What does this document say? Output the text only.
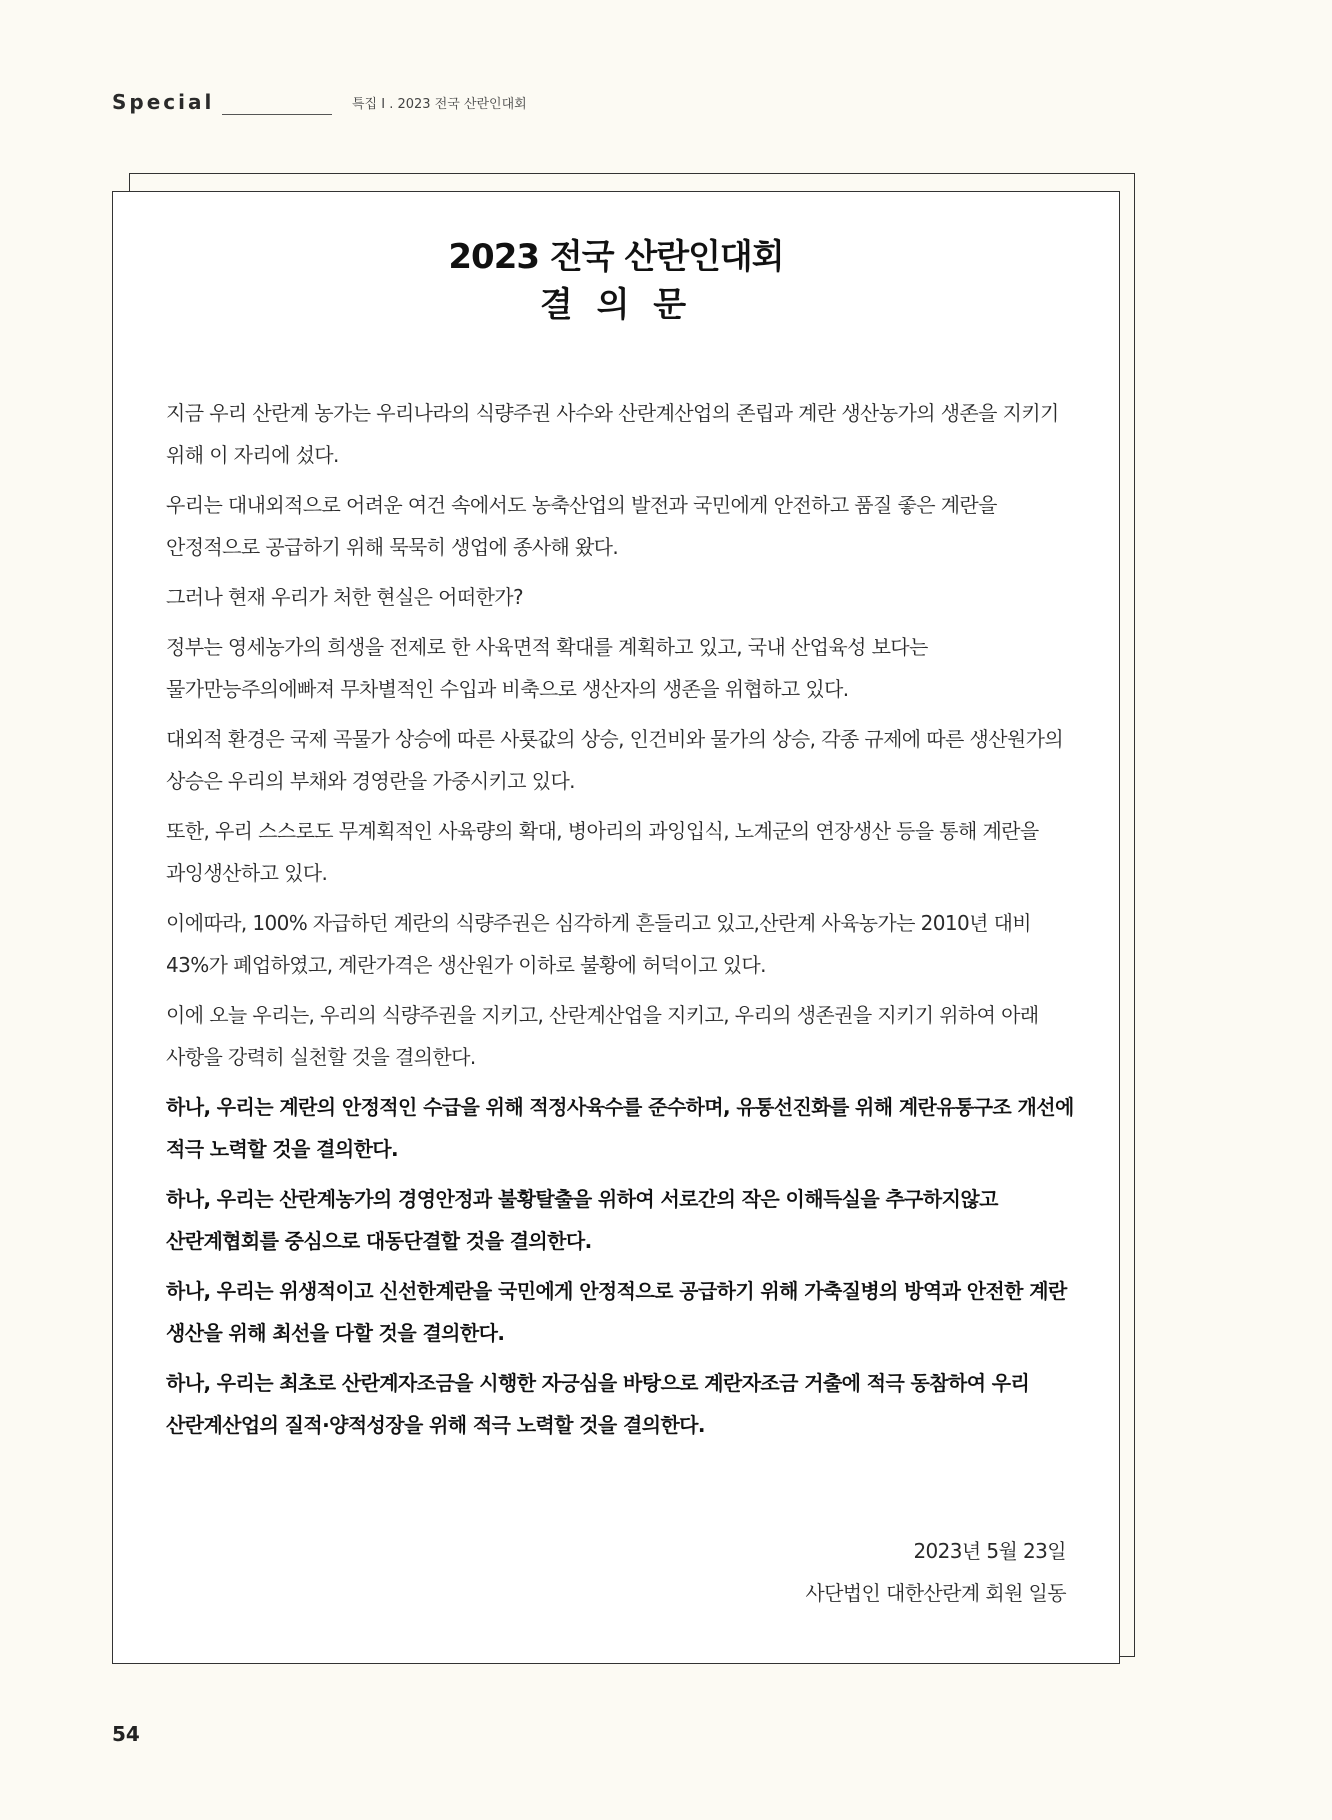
Special	특집 I . 2023 전국 산란인대회
2023 전국 산란인대회
결 의 문

지금 우리 산란계 농가는 우리나라의 식량주권 사수와 산란계산업의 존립과 계란 생산농가의 생존을 지키기 위해 이 자리에 섰다.

우리는 대내외적으로 어려운 여건 속에서도 농축산업의 발전과 국민에게 안전하고 품질 좋은 계란을 안정적으로 공급하기 위해 묵묵히 생업에 종사해 왔다.

그러나 현재 우리가 처한 현실은 어떠한가?

정부는 영세농가의 희생을 전제로 한 사육면적 확대를 계획하고 있고, 국내 산업육성 보다는 물가만능주의에빠져 무차별적인 수입과 비축으로 생산자의 생존을 위협하고 있다.

대외적 환경은 국제 곡물가 상승에 따른 사룟값의 상승, 인건비와 물가의 상승, 각종 규제에 따른 생산원가의 상승은 우리의 부채와 경영란을 가중시키고 있다.

또한, 우리 스스로도 무계획적인 사육량의 확대, 병아리의 과잉입식, 노계군의 연장생산 등을 통해 계란을 과잉생산하고 있다.

이에따라, 100% 자급하던 계란의 식량주권은 심각하게 흔들리고 있고,산란계 사육농가는 2010년 대비 43%가 폐업하였고, 계란가격은 생산원가 이하로 불황에 허덕이고 있다.

이에 오늘 우리는, 우리의 식량주권을 지키고, 산란계산업을 지키고, 우리의 생존권을 지키기 위하여 아래 사항을 강력히 실천할 것을 결의한다.

하나, 우리는 계란의 안정적인 수급을 위해 적정사육수를 준수하며, 유통선진화를 위해 계란유통구조 개선에 적극 노력할 것을 결의한다.

하나, 우리는 산란계농가의 경영안정과 불황탈출을 위하여 서로간의 작은 이해득실을 추구하지않고 산란계협회를 중심으로 대동단결할 것을 결의한다.

하나, 우리는 위생적이고 신선한계란을 국민에게 안정적으로 공급하기 위해 가축질병의 방역과 안전한 계란 생산을 위해 최선을 다할 것을 결의한다.

하나, 우리는 최초로 산란계자조금을 시행한 자긍심을 바탕으로 계란자조금 거출에 적극 동참하여 우리 산란계산업의 질적·양적성장을 위해 적극 노력할 것을 결의한다.

2023년 5월 23일
사단법인 대한산란계 회원 일동
54
